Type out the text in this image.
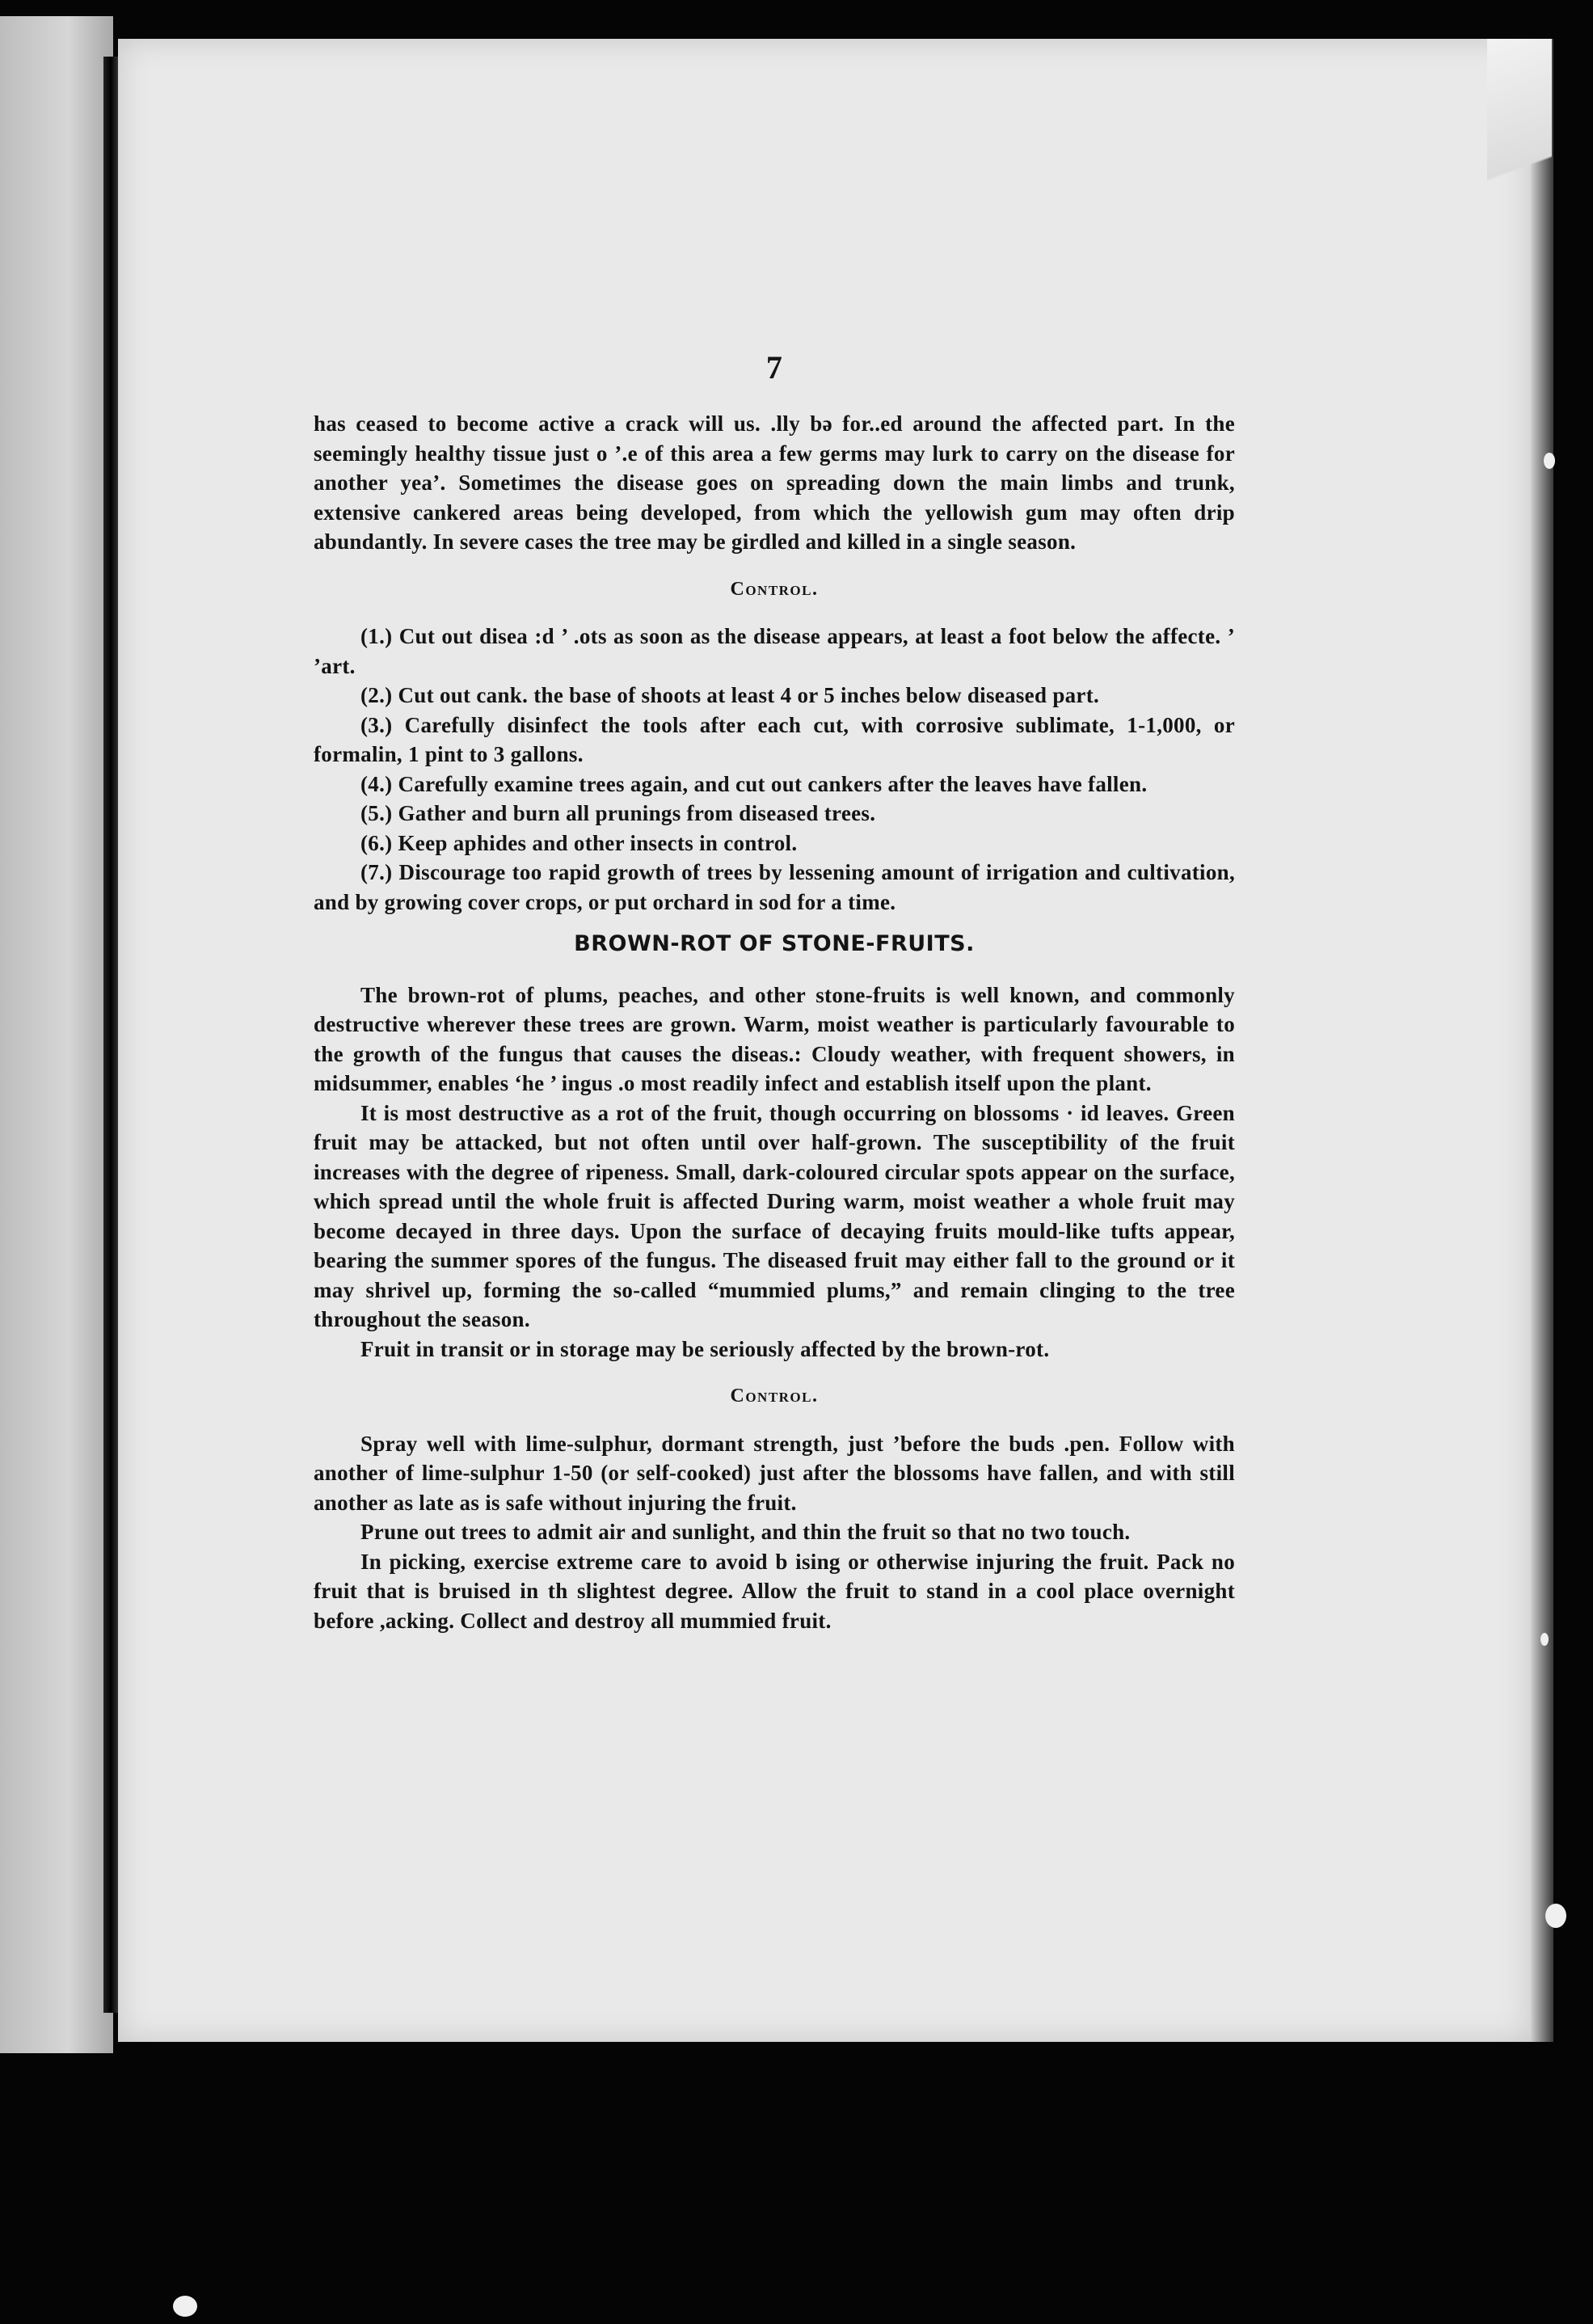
7

has ceased to become active a crack will us. .lly bə for..ed around the affected part. In the seemingly healthy tissue just o ’.e of this area a few germs may lurk to carry on the disease for another yea’. Sometimes the disease goes on spreading down the main limbs and trunk, extensive cankered areas being developed, from which the yellowish gum may often drip abundantly. In severe cases the tree may be girdled and killed in a single season.

Control.

(1.) Cut out disea :d ’ .ots as soon as the disease appears, at least a foot below the affecte. ’ ’art.

(2.) Cut out cank. the base of shoots at least 4 or 5 inches below diseased part.

(3.) Carefully disinfect the tools after each cut, with corrosive sublimate, 1-1,000, or formalin, 1 pint to 3 gallons.

(4.) Carefully examine trees again, and cut out cankers after the leaves have fallen.

(5.) Gather and burn all prunings from diseased trees.

(6.) Keep aphides and other insects in control.

(7.) Discourage too rapid growth of trees by lessening amount of irrigation and cultivation, and by growing cover crops, or put orchard in sod for a time.

BROWN-ROT OF STONE-FRUITS.

The brown-rot of plums, peaches, and other stone-fruits is well known, and commonly destructive wherever these trees are grown. Warm, moist weather is particularly favourable to the growth of the fungus that causes the diseas.: Cloudy weather, with frequent showers, in midsummer, enables ‘he ’ ingus .o most readily infect and establish itself upon the plant.

It is most destructive as a rot of the fruit, though occurring on blossoms · id leaves. Green fruit may be attacked, but not often until over half-grown. The susceptibility of the fruit increases with the degree of ripeness. Small, dark-coloured circular spots appear on the surface, which spread until the whole fruit is affected During warm, moist weather a whole fruit may become decayed in three days. Upon the surface of decaying fruits mould-like tufts appear, bearing the summer spores of the fungus. The diseased fruit may either fall to the ground or it may shrivel up, forming the so-called “mummied plums,” and remain clinging to the tree throughout the season.

Fruit in transit or in storage may be seriously affected by the brown-rot.

Control.

Spray well with lime-sulphur, dormant strength, just ’before the buds .pen. Follow with another of lime-sulphur 1-50 (or self-cooked) just after the blossoms have fallen, and with still another as late as is safe without injuring the fruit.

Prune out trees to admit air and sunlight, and thin the fruit so that no two touch.

In picking, exercise extreme care to avoid b ising or otherwise injuring the fruit. Pack no fruit that is bruised in th slightest degree. Allow the fruit to stand in a cool place overnight before ,acking. Collect and destroy all mummied fruit.
